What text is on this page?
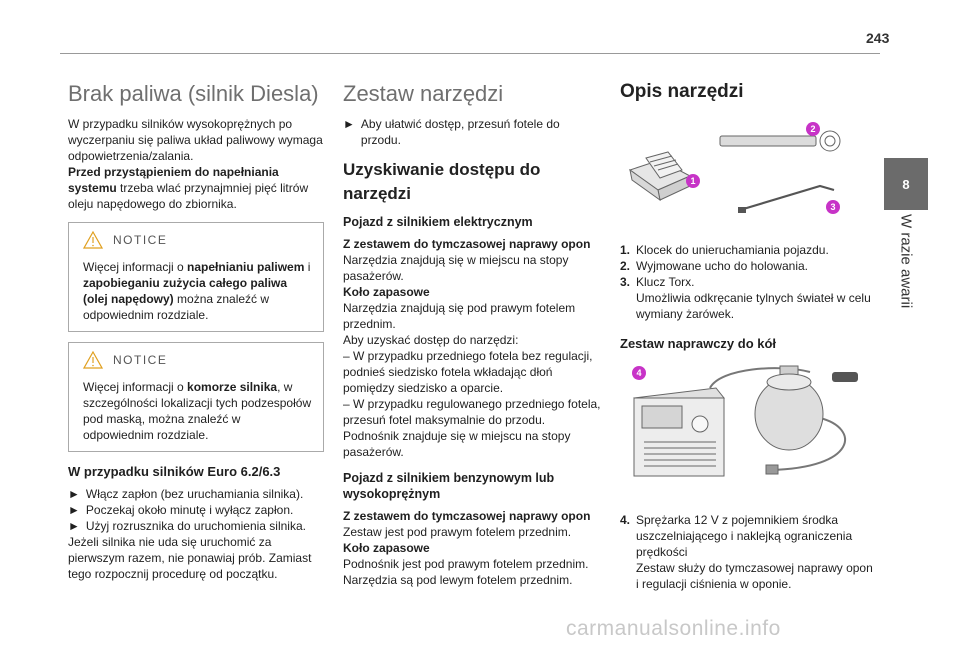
243
8
W razie awarii
Brak paliwa (silnik Diesla)

W przypadku silników wysokoprężnych po wyczerpaniu się paliwa układ paliwowy wymaga odpowietrzenia/zalania.

Przed przystąpieniem do napełniania systemu trzeba wlać przynajmniej pięć litrów oleju napędowego do zbiornika.

NOTICE

Więcej informacji o napełnianiu paliwem i zapobieganiu zużycia całego paliwa (olej napędowy) można znaleźć w odpowiednim rozdziale.

NOTICE

Więcej informacji o komorze silnika, w szczególności lokalizacji tych podzespołów pod maską, można znaleźć w odpowiednim rozdziale.

W przypadku silników Euro 6.2/6.3
► Włącz zapłon (bez uruchamiania silnika).
► Poczekaj około minutę i wyłącz zapłon.
► Użyj rozrusznika do uruchomienia silnika.

Jeżeli silnika nie uda się uruchomić za pierwszym razem, nie ponawiaj prób. Zamiast tego rozpocznij procedurę od początku.

Zestaw narzędzi
► Aby ułatwić dostęp, przesuń fotele do przodu.
Uzyskiwanie dostępu do narzędzi
Pojazd z silnikiem elektrycznym

Z zestawem do tymczasowej naprawy opon

Narzędzia znajdują się w miejscu na stopy pasażerów.

Koło zapasowe

Narzędzia znajdują się pod prawym fotelem przednim.

Aby uzyskać dostęp do narzędzi:

– W przypadku przedniego fotela bez regulacji, podnieś siedzisko fotela wkładając dłoń pomiędzy siedzisko a oparcie.

– W przypadku regulowanego przedniego fotela, przesuń fotel maksymalnie do przodu.

Podnośnik znajduje się w miejscu na stopy pasażerów.

Pojazd z silnikiem benzynowym lub wysokoprężnym

Z zestawem do tymczasowej naprawy opon

Zestaw jest pod prawym fotelem przednim.

Koło zapasowe

Podnośnik jest pod prawym fotelem przednim.

Narzędzia są pod lewym fotelem przednim.

Opis narzędzi
1
2
3
1. Klocek do unieruchamiania pojazdu.
2. Wyjmowane ucho do holowania.
3. Klucz Torx.

Umożliwia odkręcanie tylnych świateł w celu wymiany żarówek.

Zestaw naprawczy do kół
4
4. Sprężarka 12 V z pojemnikiem środka uszczelniającego i naklejką ograniczenia prędkości

Zestaw służy do tymczasowej naprawy opon i regulacji ciśnienia w oponie.

carmanualsonline.info
